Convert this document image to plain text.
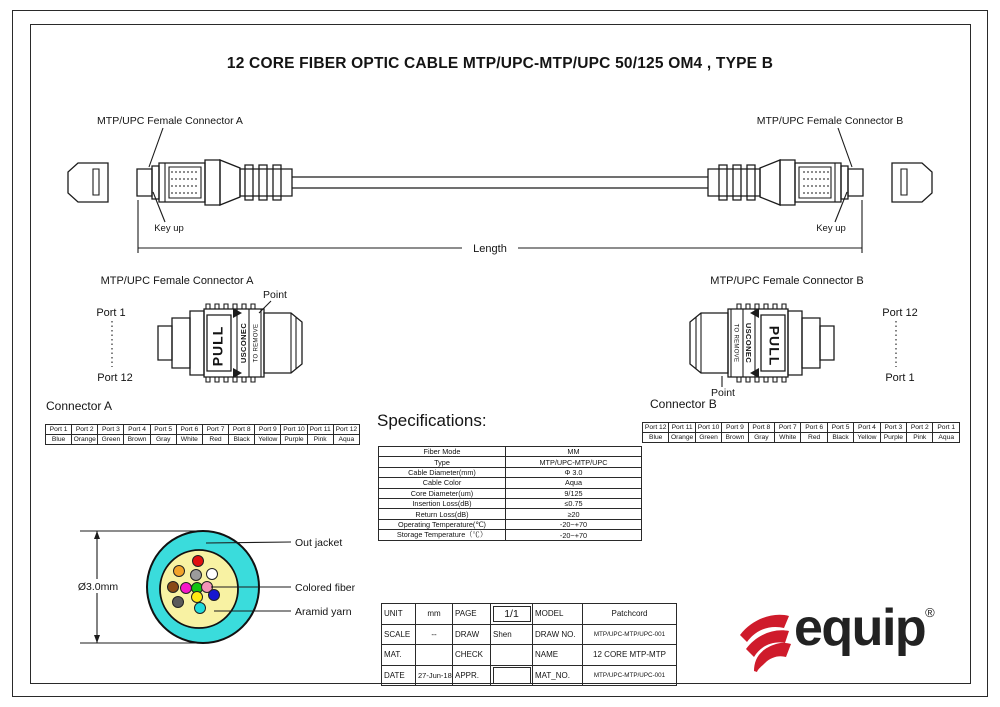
12 CORE FIBER OPTIC CABLE MTP/UPC-MTP/UPC 50/125 OM4 , TYPE B
MTP/UPC Female Connector A	MTP/UPC Female Connector B
Key up	Key up
Length
MTP/UPC Female Connector A
PULL USCONEC TO REMOVE
Point
Port 1
Port 12
MTP/UPC Female Connector B
PULL
USCONEC
TO REMOVE
Point
Port 12
Port 1
Ø3.0mm
Out jacket
Colored fiber
Aramid yarn
Connector A
Port 1	Port 2	Port 3	Port 4	Port 5	Port 6	Port 7	Port 8	Port 9	Port 10	Port 11	Port 12
Blue	Orange	Green	Brown	Gray	White	Red	Black	Yellow	Purple	Pink	Aqua
Connector B
Port 12	Port 11	Port 10	Port 9	Port 8	Port 7	Port 6	Port 5	Port 4	Port 3	Port 2	Port 1
Blue	Orange	Green	Brown	Gray	White	Red	Black	Yellow	Purple	Pink	Aqua
Specifications:
Fiber Mode	MM
Type	MTP/UPC-MTP/UPC
Cable Diameter(mm)	Φ 3.0
Cable Color	Aqua
Core Diameter(um)	9/125
Insertion Loss(dB)	≤0.75
Return Loss(dB)	≥20
Operating Temperature(℃)	-20~+70
Storage Temperature（℃）	-20~+70
UNIT	mm	PAGE	1/1	MODEL	Patchcord
SCALE	--	DRAW	Shen	DRAW NO.	MTP/UPC-MTP/UPC-001
MAT.		CHECK		NAME	12 CORE MTP-MTP
DATE	27-Jun-18	APPR.		MAT_NO.	MTP/UPC-MTP/UPC-001
equip®
